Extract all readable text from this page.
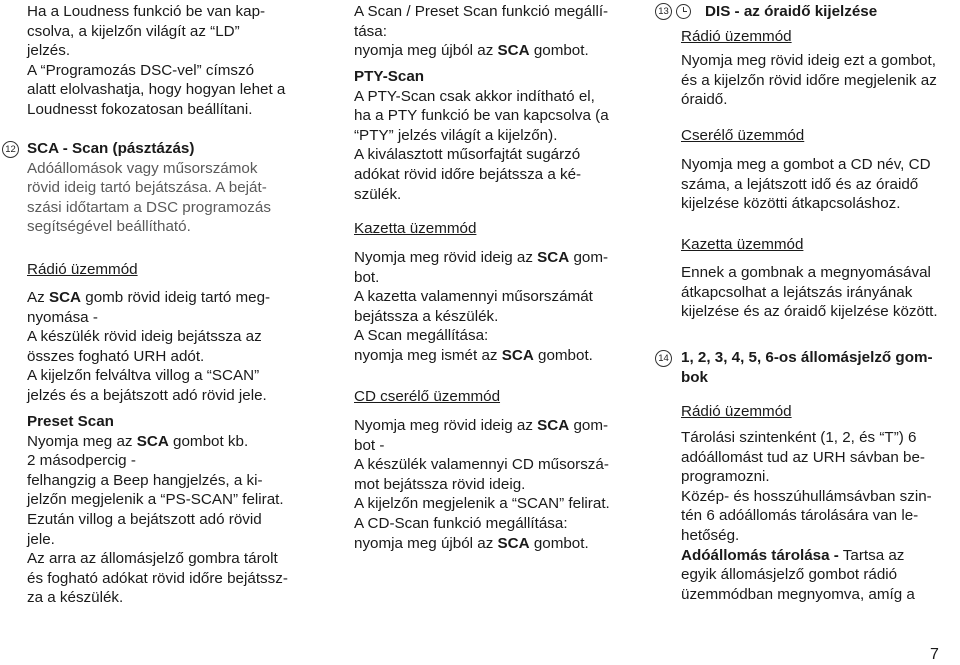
Ha a Loudness funkció be van kap-
csolva, a kijelzőn világít az “LD”
jelzés.
A “Programozás DSC-vel” címszó
alatt elolvashatja, hogy hogyan lehet a
Loudnesst fokozatosan beállítani.
12 SCA - Scan (pásztázás)
Adóállomások vagy műsorszámok
rövid ideig tartó bejátszása. A beját-
szási időtartam a DSC programozás
segítségével beállítható.
Rádió üzemmód
Az SCA gomb rövid ideig tartó meg-
nyomása -
A készülék rövid ideig bejátssza az
összes fogható URH adót.
A kijelzőn felváltva villog a “SCAN”
jelzés és a bejátszott adó rövid jele.
Preset Scan
Nyomja meg az SCA gombot kb.
2 másodpercig -
felhangzig a Beep hangjelzés, a ki-
jelzőn megjelenik a “PS-SCAN” felirat.
Ezután villog a bejátszott adó rövid
jele.
Az arra az állomásjelző gombra tárolt
és fogható adókat rövid időre bejátssz-
za a készülék.
A Scan / Preset Scan funkció megállí-
tása:
nyomja meg újból az SCA gombot.
PTY-Scan
A PTY-Scan csak akkor indítható el,
ha a PTY funkció be van kapcsolva (a
“PTY” jelzés világít a kijelzőn).
A kiválasztott műsorfajtát sugárzó
adókat rövid időre bejátssza a ké-
szülék.
Kazetta üzemmód
Nyomja meg rövid ideig az SCA gom-
bot.
A kazetta valamennyi műsorszámát
bejátssza a készülék.
A Scan megállítása:
nyomja meg ismét az SCA gombot.
CD cserélő üzemmód
Nyomja meg rövid ideig az SCA gom-
bot -
A készülék valamennyi CD műsorszá-
mot bejátssza rövid ideig.
A kijelzőn megjelenik a “SCAN” felirat.
A CD-Scan funkció megállítása:
nyomja meg újból az SCA gombot.
13 DIS - az óraidő kijelzése
Rádió üzemmód
Nyomja meg rövid ideig ezt a gombot,
és a kijelzőn rövid időre megjelenik az
óraidő.
Cserélő üzemmód
Nyomja meg a gombot a CD név, CD
száma, a lejátszott idő és az óraidő
kijelzése közötti átkapcsoláshoz.
Kazetta üzemmód
Ennek a gombnak a megnyomásával
átkapcsolhat a lejátszás irányának
kijelzése és az óraidő kijelzése között.
14 1, 2, 3, 4, 5, 6-os állomásjelző gom-
bok
Rádió üzemmód
Tárolási szintenként (1, 2, és “T”) 6
adóállomást tud az URH sávban be-
programozni.
Közép- és hosszúhullámsávban szin-
tén 6 adóállomás tárolására van le-
hetőség.
Adóállomás tárolása - Tartsa az
egyik állomásjelző gombot rádió
üzemmódban megnyomva, amíg a
7
